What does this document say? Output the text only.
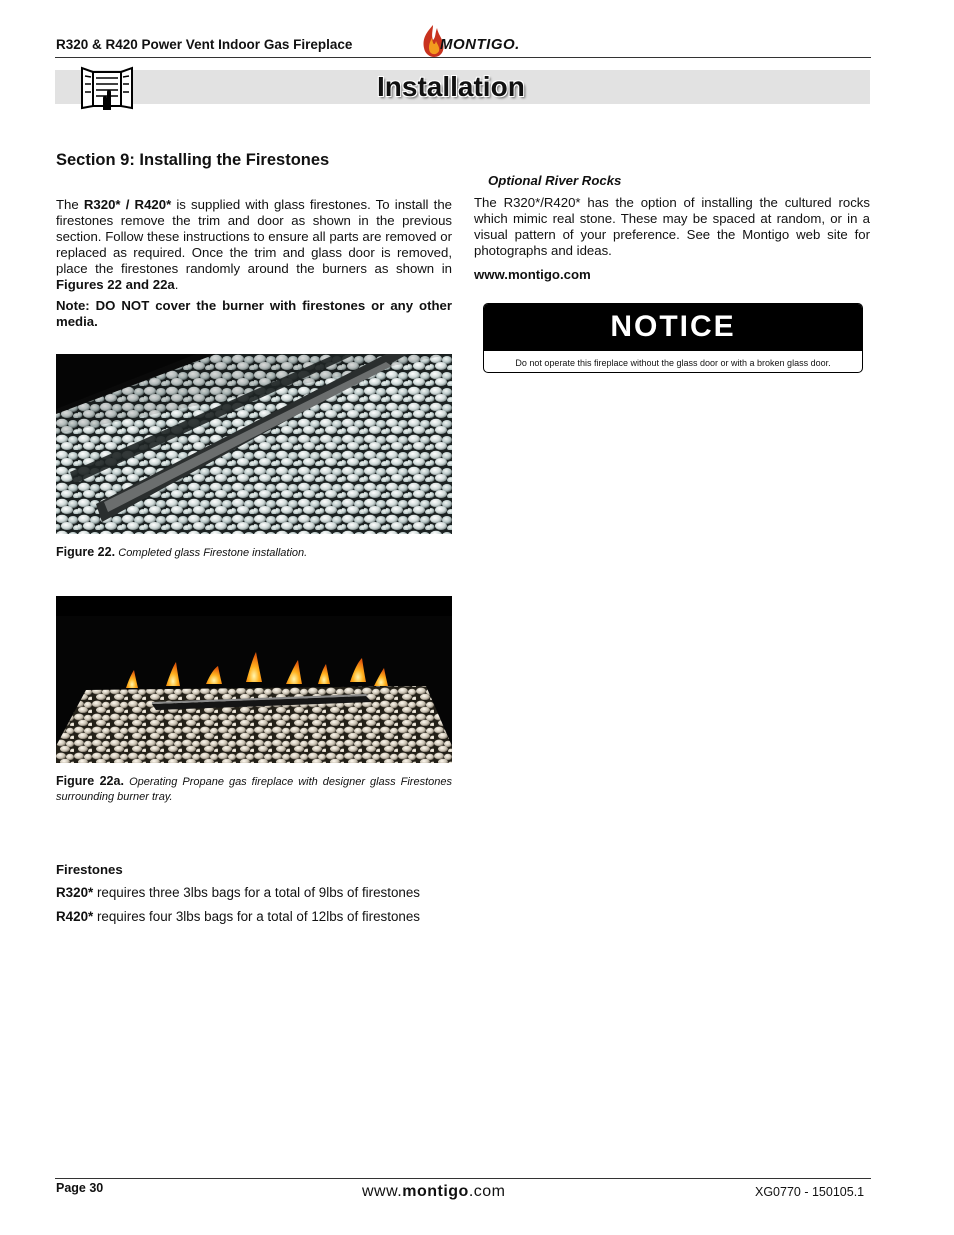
R320 & R420 Power Vent Indoor Gas Fireplace	MONTIGO.
Installation
Section 9: Installing the Firestones
The R320* / R420* is supplied with glass firestones. To install the firestones remove the trim and door as shown in the previous section. Follow these instructions to ensure all parts are removed or replaced as required. Once the trim and glass door is removed, place the firestones randomly around the burners as shown in Figures 22 and 22a.
Note: DO NOT cover the burner with firestones or any other media.
Figure 22. Completed glass Firestone installation.
Figure 22a. Operating Propane gas fireplace with designer glass Firestones surrounding burner tray.
Firestones
R320* requires three 3lbs bags for a total of 9lbs of firestones
R420* requires four 3lbs bags for a total of 12lbs of firestones
Optional River Rocks
The R320*/R420* has the option of installing the cultured rocks which mimic real stone. These may be spaced at random, or in a visual pattern of your preference. See the Montigo web site for photographs and ideas.
www.montigo.com
NOTICE
Do not operate this fireplace without the glass door or with a broken glass door.
Page 30	www.montigo.com	XG0770 - 150105.1
